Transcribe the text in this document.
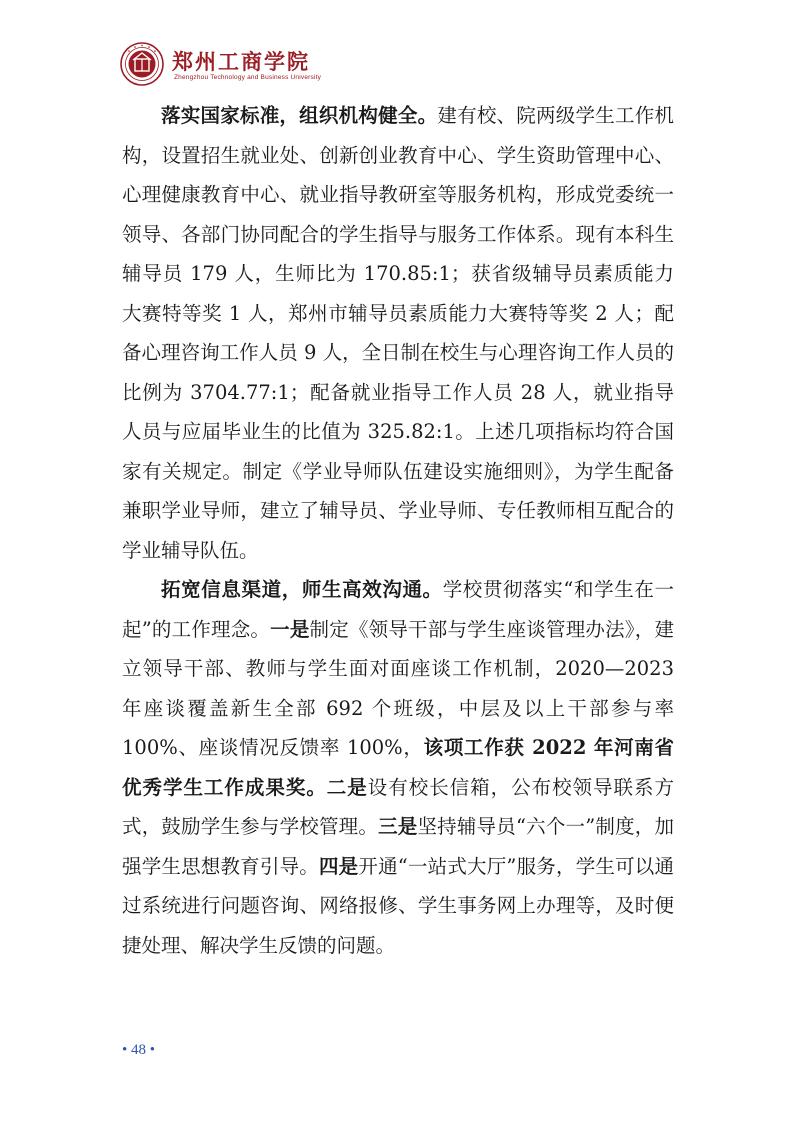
郑州工商学院
Zhengzhou Technology and Business University

落实国家标准，组织机构健全。建有校、院两级学生工作机构，设置招生就业处、创新创业教育中心、学生资助管理中心、心理健康教育中心、就业指导教研室等服务机构，形成党委统一领导、各部门协同配合的学生指导与服务工作体系。现有本科生辅导员 179 人，生师比为 170.85:1；获省级辅导员素质能力大赛特等奖 1 人，郑州市辅导员素质能力大赛特等奖 2 人；配备心理咨询工作人员 9 人，全日制在校生与心理咨询工作人员的比例为 3704.77:1；配备就业指导工作人员 28 人，就业指导人员与应届毕业生的比值为 325.82:1。上述几项指标均符合国家有关规定。制定《学业导师队伍建设实施细则》，为学生配备兼职学业导师，建立了辅导员、学业导师、专任教师相互配合的学业辅导队伍。

拓宽信息渠道，师生高效沟通。学校贯彻落实“和学生在一起”的工作理念。一是制定《领导干部与学生座谈管理办法》，建立领导干部、教师与学生面对面座谈工作机制，2020—2023 年座谈覆盖新生全部 692 个班级，中层及以上干部参与率 100%、座谈情况反馈率 100%，该项工作获 2022 年河南省优秀学生工作成果奖。二是设有校长信箱，公布校领导联系方式，鼓励学生参与学校管理。三是坚持辅导员“六个一”制度，加强学生思想教育引导。四是开通“一站式大厅”服务，学生可以通过系统进行问题咨询、网络报修、学生事务网上办理等，及时便捷处理、解决学生反馈的问题。

• 48 •
